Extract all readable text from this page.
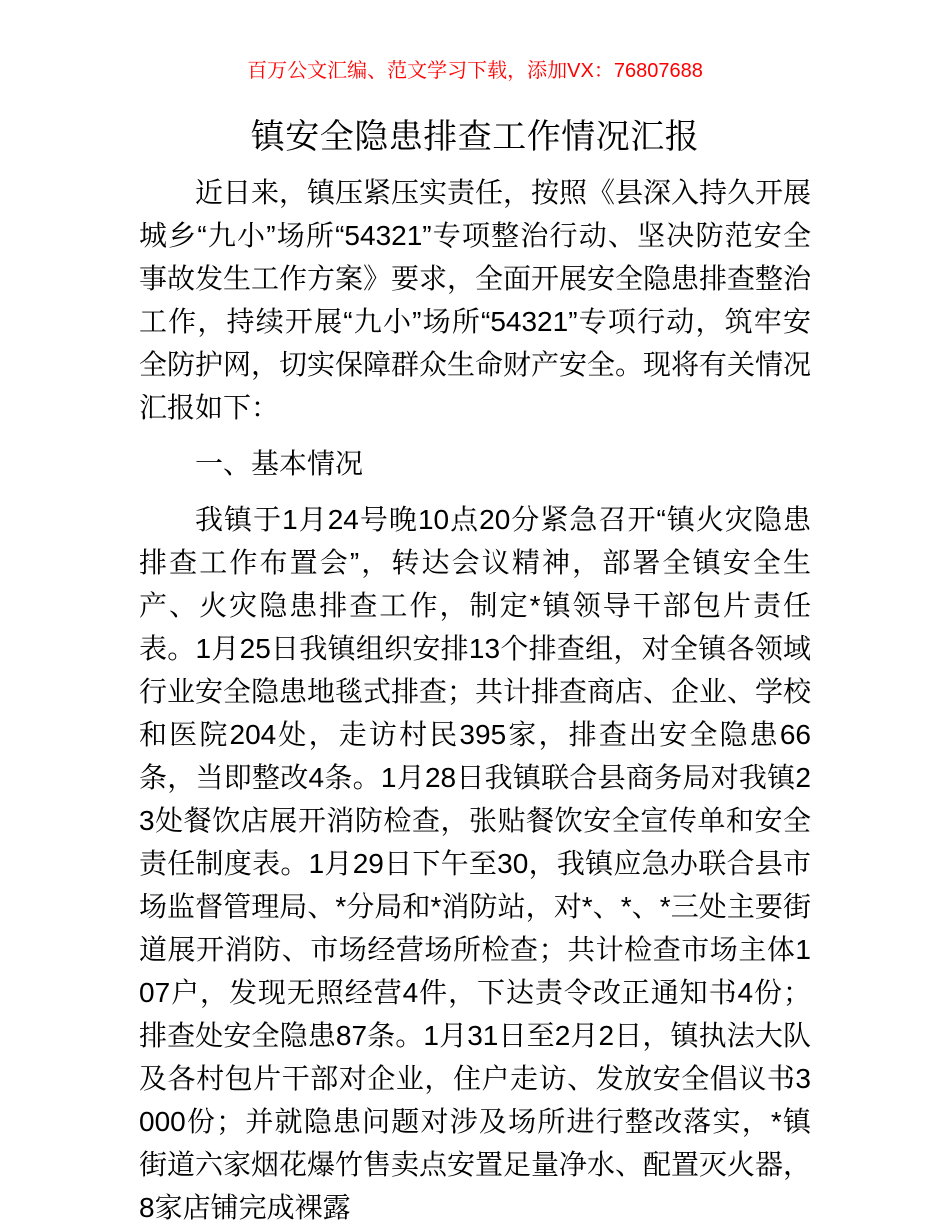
百万公文汇编、范文学习下载，添加VX：76807688
镇安全隐患排查工作情况汇报

近日来，镇压紧压实责任，按照《县深入持久开展城乡“九小”场所“54321”专项整治行动、坚决防范安全事故发生工作方案》要求，全面开展安全隐患排查整治工作，持续开展“九小”场所“54321”专项行动，筑牢安全防护网，切实保障群众生命财产安全。现将有关情况汇报如下：

一、基本情况

我镇于1月24号晚10点20分紧急召开“镇火灾隐患排查工作布置会”，转达会议精神，部署全镇安全生产、火灾隐患排查工作，制定*镇领导干部包片责任表。1月25日我镇组织安排13个排查组，对全镇各领域行业安全隐患地毯式排查；共计排查商店、企业、学校和医院204处，走访村民395家，排查出安全隐患66条，当即整改4条。1月28日我镇联合县商务局对我镇23处餐饮店展开消防检查，张贴餐饮安全宣传单和安全责任制度表。1月29日下午至30，我镇应急办联合县市场监督管理局、*分局和*消防站，对*、*、*三处主要街道展开消防、市场经营场所检查；共计检查市场主体107户，发现无照经营4件，下达责令改正通知书4份；排查处安全隐患87条。1月31日至2月2日，镇执法大队及各村包片干部对企业，住户走访、发放安全倡议书3000份；并就隐患问题对涉及场所进行整改落实，*镇街道六家烟花爆竹售卖点安置足量净水、配置灭火器，8家店铺完成裸露
